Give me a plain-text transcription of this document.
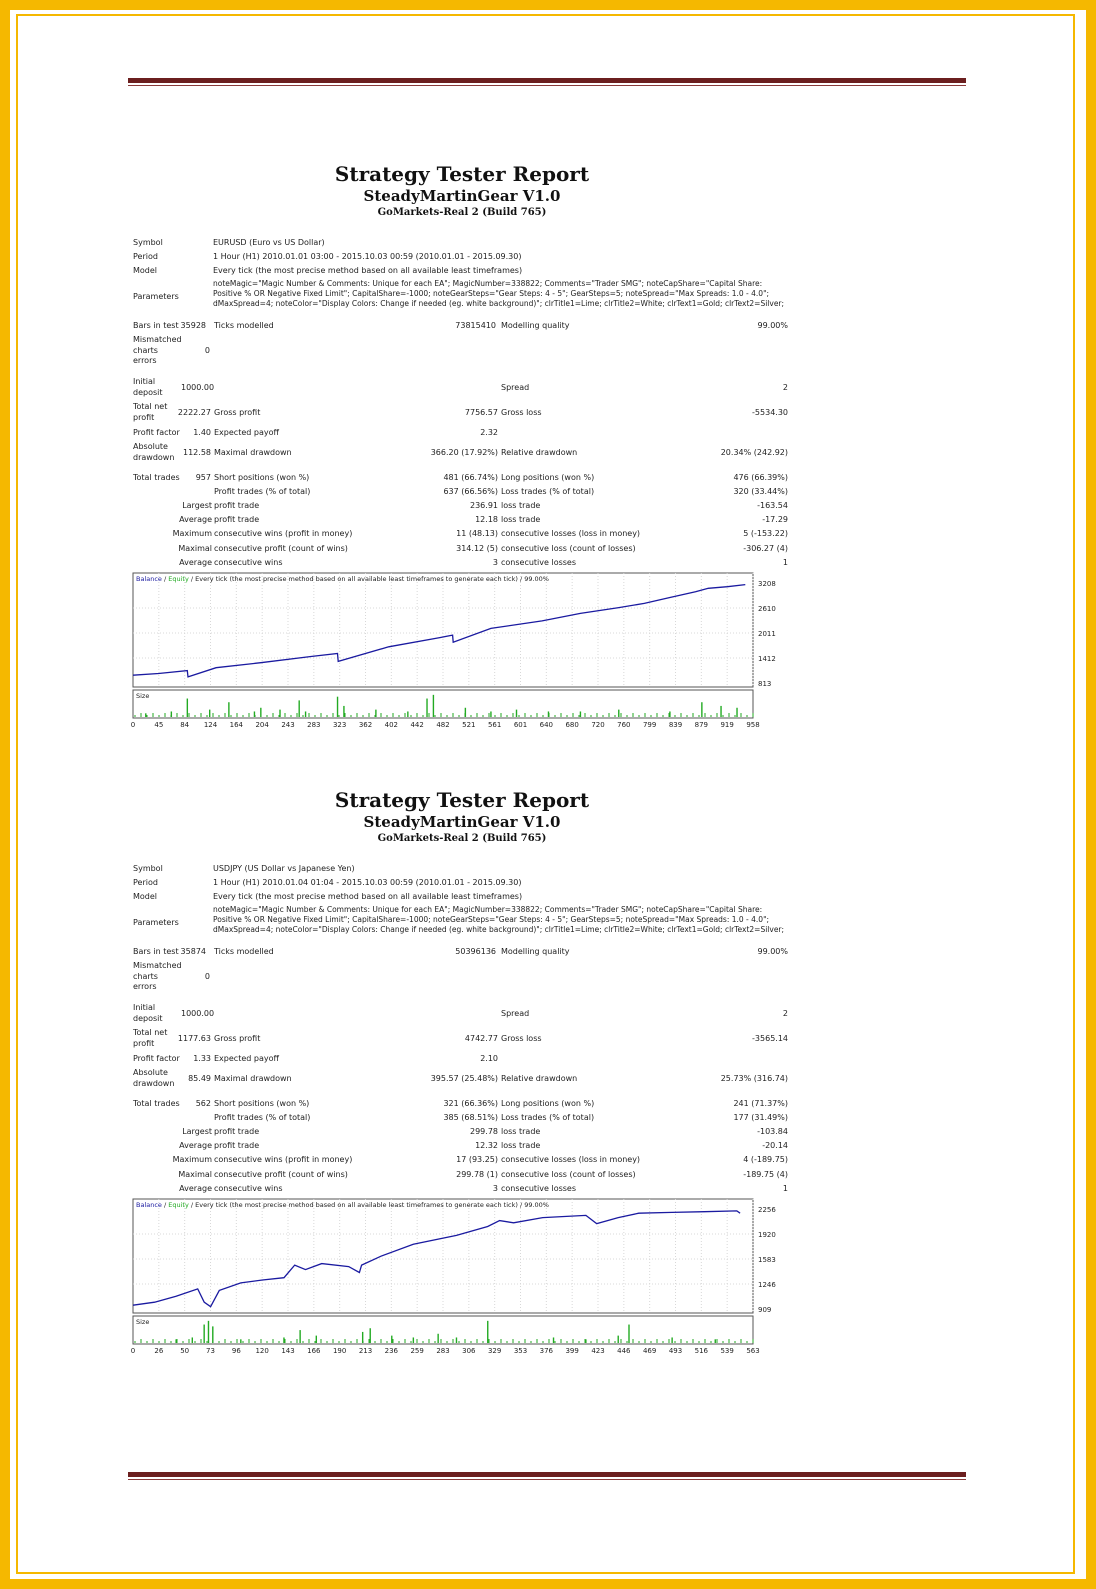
Strategy Tester Report
SteadyMartinGear V1.0
GoMarkets-Real 2 (Build 765)
Symbol	EURUSD (Euro vs US Dollar)
Period	1 Hour (H1) 2010.01.01 03:00 - 2015.10.03 00:59 (2010.01.01 - 2015.09.30)
Model	Every tick (the most precise method based on all available least timeframes)
Parameters
noteMagic="Magic Number & Comments: Unique for each EA"; MagicNumber=338822; Comments="Trader SMG"; noteCapShare="Capital Share: Positive % OR Negative Fixed Limit"; CapitalShare=-1000; noteGearSteps="Gear Steps: 4 - 5"; GearSteps=5; noteSpread="Max Spreads: 1.0 - 4.0"; dMaxSpread=4; noteColor="Display Colors: Change if needed (eg. white background)"; clrTitle1=Lime; clrTitle2=White; clrText1=Gold; clrText2=Silver;
Bars in test 35928 Ticks modelled	73815410 Modelling quality	99.00%
Mismatched charts errors
0
Initial deposit	1000.00	Spread	2
Total net profit	2222.27 Gross profit	7756.57 Gross loss	-5534.30
Profit factor	1.40 Expected payoff	2.32
Absolute drawdown	112.58 Maximal drawdown	366.20 (17.92%) Relative drawdown	20.34% (242.92)
Total trades	957 Short positions (won %)	481 (66.74%) Long positions (won %)	476 (66.39%)
Profit trades (% of total)	637 (66.56%) Loss trades (% of total)	320 (33.44%)
Largest profit trade	236.91 loss trade	-163.54
Average profit trade	12.18 loss trade	-17.29
Maximum consecutive wins (profit in money)	11 (48.13) consecutive losses (loss in money)	5 (-153.22)
Maximal consecutive profit (count of wins)	314.12 (5) consecutive loss (count of losses)	-306.27 (4)
Average consecutive wins	3 consecutive losses	1
3208
2610
2011
1412
813
Balance / Equity / Every tick (the most precise method based on all available least timeframes to generate each tick) / 99.00%
Size
0	45 84 124 164 204 243 283 323 362 402 442 482 521 561 601 640 680 720 760 799 839 879 919 958
Strategy Tester Report
SteadyMartinGear V1.0
GoMarkets-Real 2 (Build 765)
Symbol	USDJPY (US Dollar vs Japanese Yen)
Period	1 Hour (H1) 2010.01.04 01:04 - 2015.10.03 00:59 (2010.01.01 - 2015.09.30)
Model	Every tick (the most precise method based on all available least timeframes)
Parameters
noteMagic="Magic Number & Comments: Unique for each EA"; MagicNumber=338822; Comments="Trader SMG"; noteCapShare="Capital Share: Positive % OR Negative Fixed Limit"; CapitalShare=-1000; noteGearSteps="Gear Steps: 4 - 5"; GearSteps=5; noteSpread="Max Spreads: 1.0 - 4.0"; dMaxSpread=4; noteColor="Display Colors: Change if needed (eg. white background)"; clrTitle1=Lime; clrTitle2=White; clrText1=Gold; clrText2=Silver;
Bars in test 35874 Ticks modelled	50396136 Modelling quality	99.00%
Mismatched charts errors
0
Initial deposit	1000.00	Spread	2
Total net profit	1177.63 Gross profit	4742.77 Gross loss	-3565.14
Profit factor	1.33 Expected payoff	2.10
Absolute drawdown	85.49 Maximal drawdown	395.57 (25.48%) Relative drawdown	25.73% (316.74)
Total trades	562 Short positions (won %)	321 (66.36%) Long positions (won %)	241 (71.37%)
Profit trades (% of total)	385 (68.51%) Loss trades (% of total)	177 (31.49%)
Largest profit trade	299.78 loss trade	-103.84
Average profit trade	12.32 loss trade	-20.14
Maximum consecutive wins (profit in money)	17 (93.25) consecutive losses (loss in money)	4 (-189.75)
Maximal consecutive profit (count of wins)	299.78 (1) consecutive loss (count of losses)	-189.75 (4)
Average consecutive wins	3 consecutive losses	1
2256
1920
1583
1246
909
Balance / Equity / Every tick (the most precise method based on all available least timeframes to generate each tick) / 99.00%
Size
0	26 50 73 96 120 143 166 190 213 236 259 283 306 329 353 376 399 423 446 469 493 516 539 563
